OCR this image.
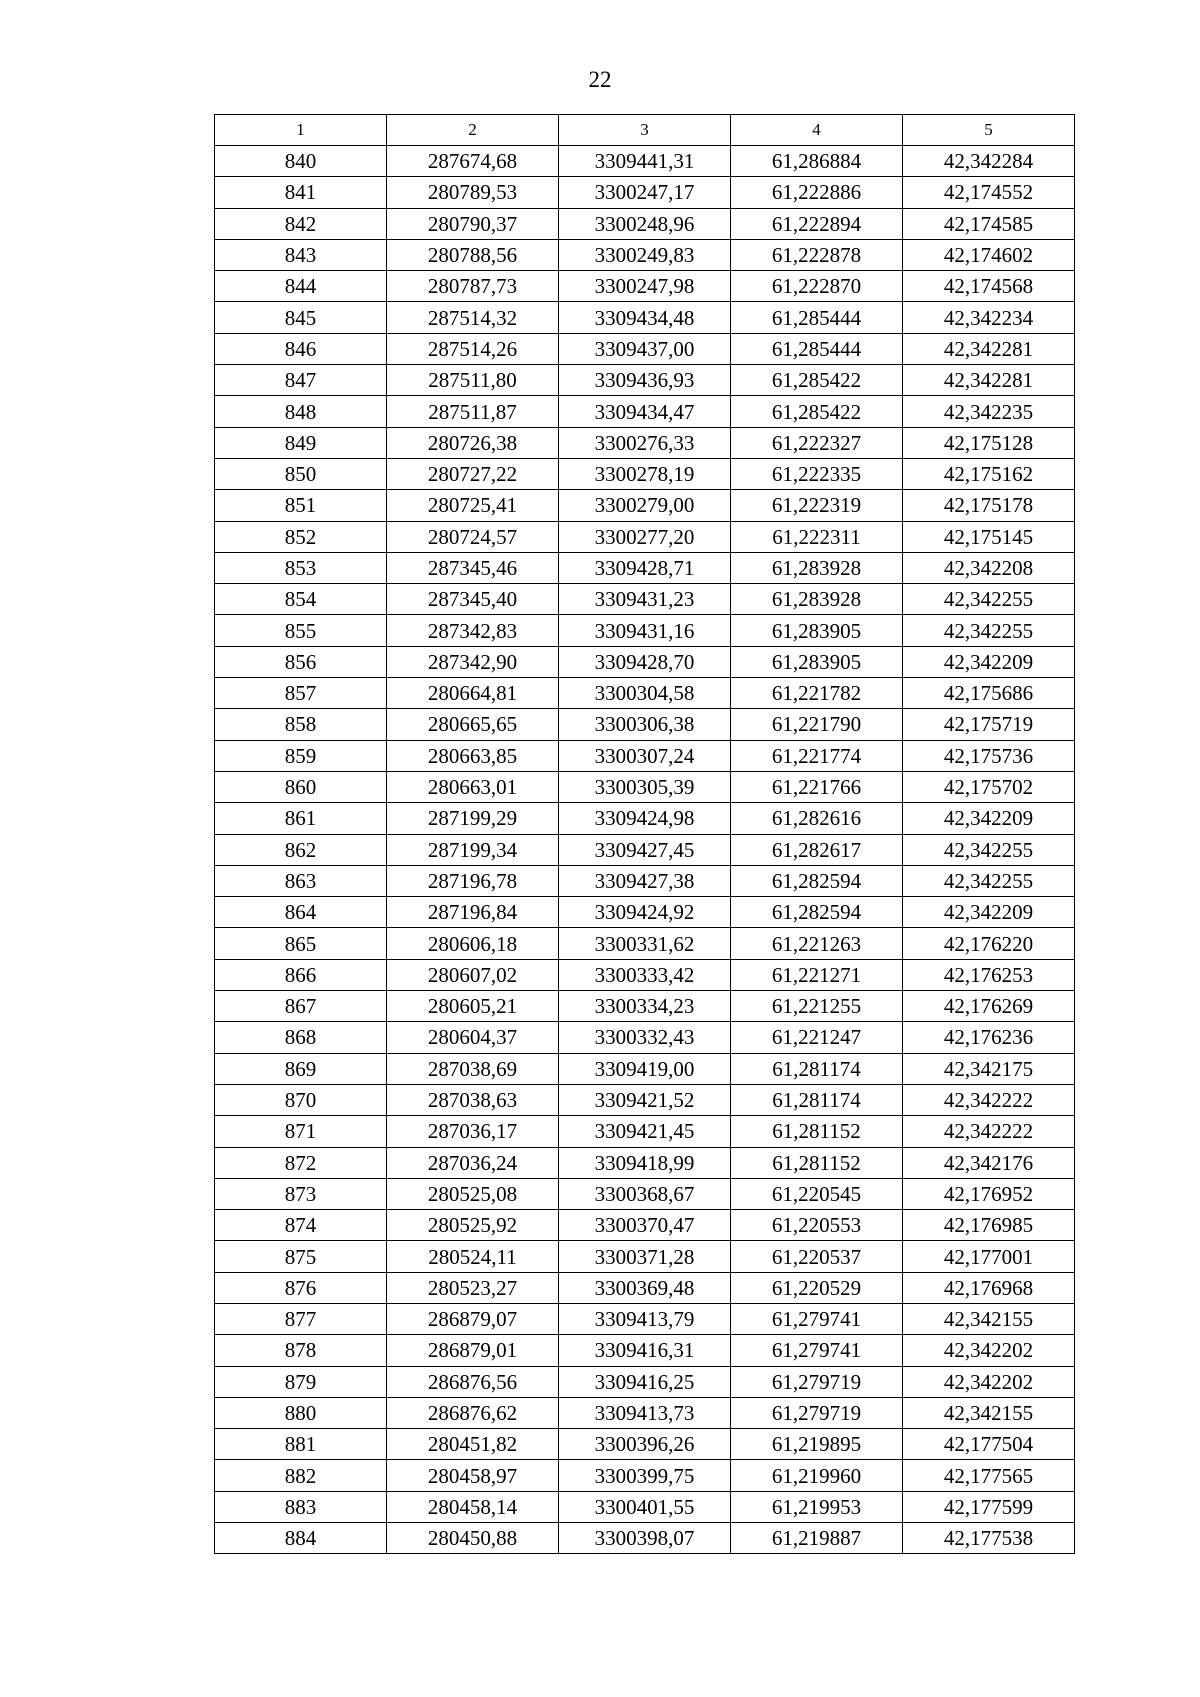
22
1	2	3	4	5
840	287674,68	3309441,31	61,286884	42,342284
841	280789,53	3300247,17	61,222886	42,174552
842	280790,37	3300248,96	61,222894	42,174585
843	280788,56	3300249,83	61,222878	42,174602
844	280787,73	3300247,98	61,222870	42,174568
845	287514,32	3309434,48	61,285444	42,342234
846	287514,26	3309437,00	61,285444	42,342281
847	287511,80	3309436,93	61,285422	42,342281
848	287511,87	3309434,47	61,285422	42,342235
849	280726,38	3300276,33	61,222327	42,175128
850	280727,22	3300278,19	61,222335	42,175162
851	280725,41	3300279,00	61,222319	42,175178
852	280724,57	3300277,20	61,222311	42,175145
853	287345,46	3309428,71	61,283928	42,342208
854	287345,40	3309431,23	61,283928	42,342255
855	287342,83	3309431,16	61,283905	42,342255
856	287342,90	3309428,70	61,283905	42,342209
857	280664,81	3300304,58	61,221782	42,175686
858	280665,65	3300306,38	61,221790	42,175719
859	280663,85	3300307,24	61,221774	42,175736
860	280663,01	3300305,39	61,221766	42,175702
861	287199,29	3309424,98	61,282616	42,342209
862	287199,34	3309427,45	61,282617	42,342255
863	287196,78	3309427,38	61,282594	42,342255
864	287196,84	3309424,92	61,282594	42,342209
865	280606,18	3300331,62	61,221263	42,176220
866	280607,02	3300333,42	61,221271	42,176253
867	280605,21	3300334,23	61,221255	42,176269
868	280604,37	3300332,43	61,221247	42,176236
869	287038,69	3309419,00	61,281174	42,342175
870	287038,63	3309421,52	61,281174	42,342222
871	287036,17	3309421,45	61,281152	42,342222
872	287036,24	3309418,99	61,281152	42,342176
873	280525,08	3300368,67	61,220545	42,176952
874	280525,92	3300370,47	61,220553	42,176985
875	280524,11	3300371,28	61,220537	42,177001
876	280523,27	3300369,48	61,220529	42,176968
877	286879,07	3309413,79	61,279741	42,342155
878	286879,01	3309416,31	61,279741	42,342202
879	286876,56	3309416,25	61,279719	42,342202
880	286876,62	3309413,73	61,279719	42,342155
881	280451,82	3300396,26	61,219895	42,177504
882	280458,97	3300399,75	61,219960	42,177565
883	280458,14	3300401,55	61,219953	42,177599
884	280450,88	3300398,07	61,219887	42,177538
